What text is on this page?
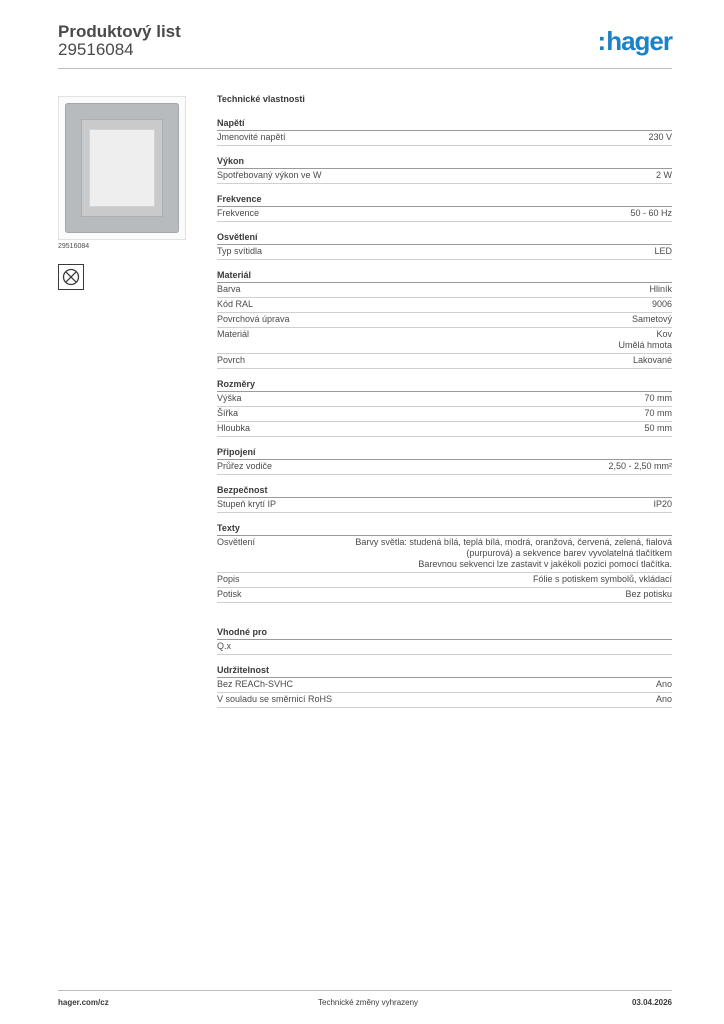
Produktový list
29516084	:hager
29516084
Technické vlastnosti
Napětí
Jmenovité napětí	230 V
Výkon
Spotřebovaný výkon ve W	2 W
Frekvence
Frekvence	50 - 60 Hz
Osvětlení
Typ svítidla	LED
Materiál
Barva	Hliník
Kód RAL	9006
Povrchová úprava	Sametový
Materiál	Kov
Umělá hmota
Povrch	Lakované
Rozměry
Výška	70 mm
Šířka	70 mm
Hloubka	50 mm
Připojení
Průřez vodiče	2,50 - 2,50 mm²
Bezpečnost
Stupeň krytí IP	IP20
Texty
Osvětlení	Barvy světla: studená bílá, teplá bílá, modrá, oranžová, červená, zelená, fialová
(purpurová) a sekvence barev vyvolatelná tlačítkem
Barevnou sekvenci lze zastavit v jakékoli pozici pomocí tlačítka.
Popis	Fólie s potiskem symbolů, vkládací
Potisk	Bez potisku
Vhodné pro
Q.x

Udržitelnost
Bez REACh-SVHC	Ano
V souladu se směrnicí RoHS	Ano
hager.com/cz	Technické změny vyhrazeny	03.04.2026
